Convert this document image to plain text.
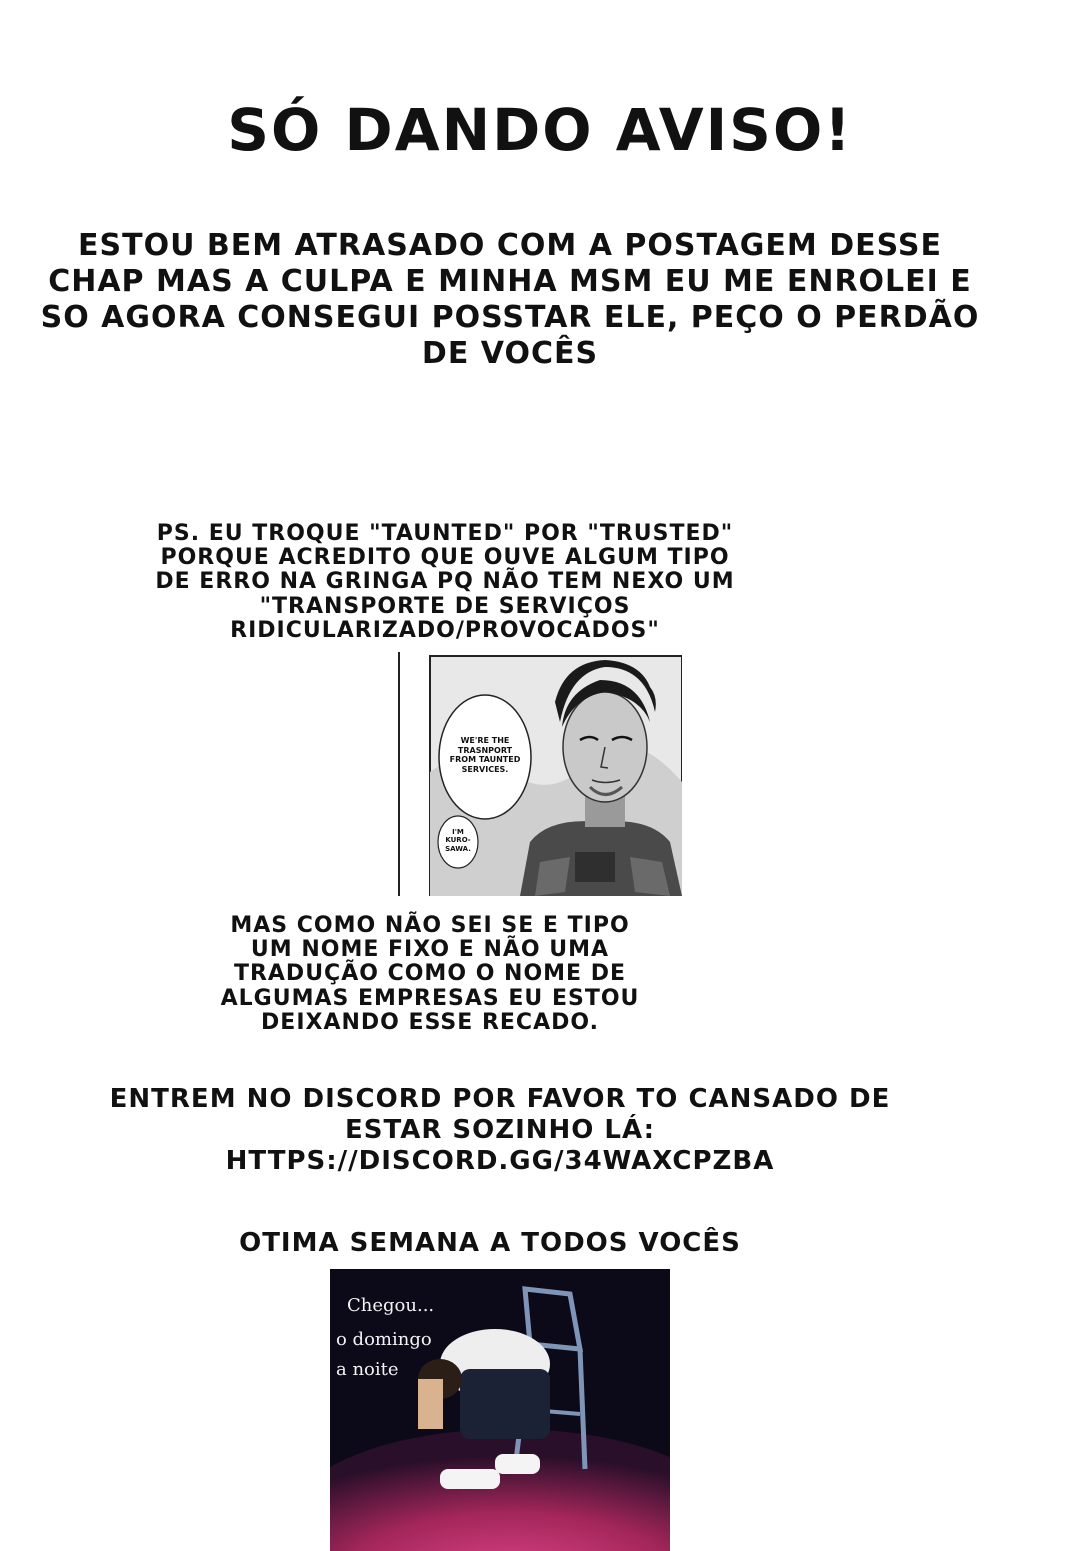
SÓ DANDO AVISO!
ESTOU BEM ATRASADO COM A POSTAGEM DESSE
CHAP MAS A CULPA E MINHA MSM EU ME ENROLEI E
SO AGORA CONSEGUI POSSTAR ELE, PEÇO O PERDÃO
DE VOCÊS
PS. EU TROQUE "TAUNTED" POR "TRUSTED"
PORQUE ACREDITO QUE OUVE ALGUM TIPO
DE ERRO NA GRINGA PQ NÃO TEM NEXO UM
"TRANSPORTE DE SERVIÇOS
RIDICULARIZADO/PROVOCADOS"
WE'RE THE TRASNPORT FROM TAUNTED SERVICES.
I'M KURO-SAWA.
MAS COMO NÃO SEI SE E TIPO
UM NOME FIXO E NÃO UMA
TRADUÇÃO COMO O NOME DE
ALGUMAS EMPRESAS EU ESTOU
DEIXANDO ESSE RECADO.
ENTREM NO DISCORD POR FAVOR TO CANSADO DE
ESTAR SOZINHO LÁ:
HTTPS://DISCORD.GG/34WAXCPZBA
OTIMA SEMANA A TODOS VOCÊS
Chegou...
o domingo
a noite
